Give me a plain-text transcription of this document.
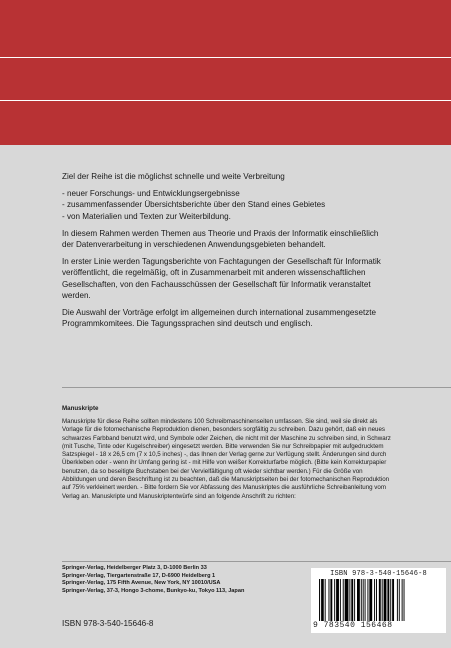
Ziel der Reihe ist die möglichst schnelle und weite Verbreitung

- neuer Forschungs- und Entwicklungsergebnisse
- zusammenfassender Übersichtsberichte über den Stand eines Gebietes
- von Materialien und Texten zur Weiterbildung.

In diesem Rahmen werden Themen aus Theorie und Praxis der Informatik einschließlich der Datenverarbeitung in verschiedenen Anwendungsgebieten behandelt.

In erster Linie werden Tagungsberichte von Fachtagungen der Gesellschaft für Informatik veröffentlicht, die regelmäßig, oft in Zusammenarbeit mit anderen wissenschaftlichen Gesellschaften, von den Fachausschüssen der Gesellschaft für Informatik veranstaltet werden.

Die Auswahl der Vorträge erfolgt im allgemeinen durch international zusammengesetzte Programmkomitees. Die Tagungssprachen sind deutsch und englisch.

Manuskripte
Manuskripte für diese Reihe sollten mindestens 100 Schreibmaschinenseiten umfassen. Sie sind, weil sie direkt als Vorlage für die fotomechanische Reproduktion dienen, besonders sorgfältig zu schreiben. Dazu gehört, daß ein neues schwarzes Farbband benutzt wird, und Symbole oder Zeichen, die nicht mit der Maschine zu schreiben sind, in Schwarz (mit Tusche, Tinte oder Kugelschreiber) eingesetzt werden. Bitte verwenden Sie nur Schreibpapier mit aufgedrucktem Satzspiegel - 18 x 26,5 cm (7 x 10,5 inches) -, das Ihnen der Verlag gerne zur Verfügung stellt. Änderungen sind durch Überkleben oder - wenn ihr Umfang gering ist - mit Hilfe von weißer Korrekturfarbe möglich. (Bitte kein Korrekturpapier benutzen, da so beseitigte Buchstaben bei der Vervielfältigung oft wieder sichtbar werden.) Für die Größe von Abbildungen und deren Beschriftung ist zu beachten, daß die Manuskriptseiten bei der fotomechanischen Reproduktion auf 75% verkleinert werden. - Bitte fordern Sie vor Abfassung des Manuskriptes die ausführliche Schreibanleitung vom Verlag an. Manuskripte und Manuskriptentwürfe sind an folgende Anschrift zu richten:
Springer-Verlag, Heidelberger Platz 3, D-1000 Berlin 33
Springer-Verlag, Tiergartenstraße 17, D-6900 Heidelberg 1
Springer-Verlag, 175 Fifth Avenue, New York, NY 10010/USA
Springer-Verlag, 37-3, Hongo 3-chome, Bunkyo-ku, Tokyo 113, Japan
ISBN 978-3-540-15646-8
ISBN 978-3-540-15646-8
9 783540 156468
